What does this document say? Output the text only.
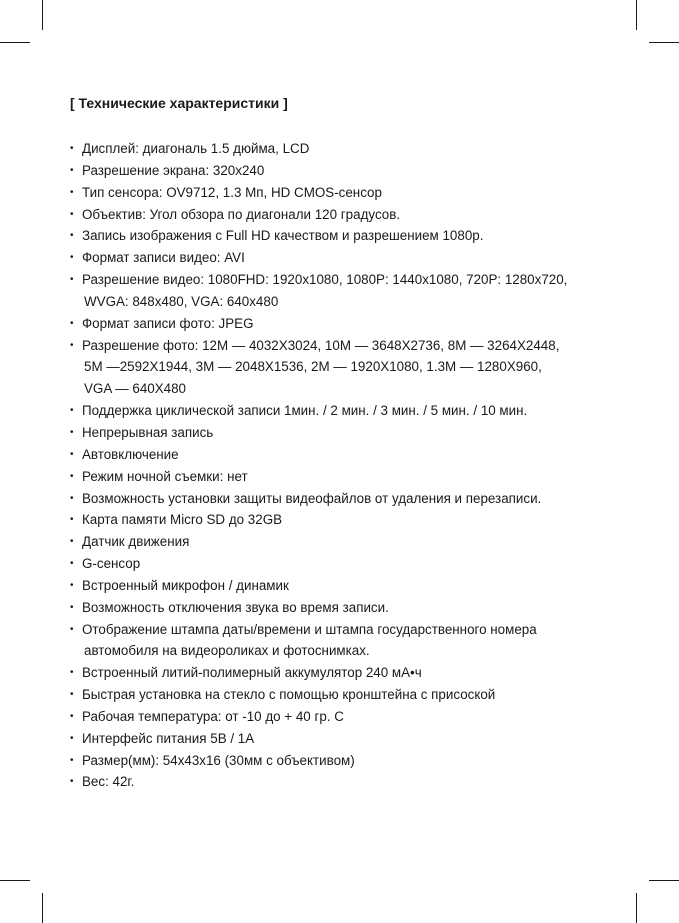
[ Технические характеристики ]
• Дисплей: диагональ 1.5 дюйма, LCD
• Разрешение экрана: 320x240
• Тип сенсора: OV9712, 1.3 Мп, HD CMOS-сенсор
• Объектив: Угол обзора по диагонали 120 градусов.
• Запись изображения с Full HD качеством и разрешением 1080p.
• Формат записи видео: AVI
• Разрешение видео: 1080FHD: 1920x1080, 1080P: 1440x1080, 720P: 1280x720,
WVGA: 848x480, VGA: 640x480
• Формат записи фото: JPEG
• Разрешение фото: 12M — 4032X3024, 10M — 3648X2736, 8M — 3264X2448,
5M —2592X1944, 3M — 2048X1536, 2M — 1920X1080, 1.3M — 1280X960,
VGA — 640X480
• Поддержка циклической записи 1мин. / 2 мин. / 3 мин. / 5 мин. / 10 мин.
• Непрерывная запись
• Автовключение
• Режим ночной съемки: нет
• Возможность установки защиты видеофайлов от удаления и перезаписи.
• Карта памяти Micro SD до 32GB
• Датчик движения
• G-сенсор
• Встроенный микрофон / динамик
• Возможность отключения звука во время записи.
• Отображение штампа даты/времени и штампа государственного номера
автомобиля на видеороликах и фотоснимках.
• Встроенный литий-полимерный аккумулятор 240 мА•ч
• Быстрая установка на стекло с помощью кронштейна с присоской
• Рабочая температура: от -10 до + 40 гр. С
• Интерфейс питания 5В / 1А
• Размер(мм): 54x43x16 (30мм с объективом)
• Вес: 42г.
